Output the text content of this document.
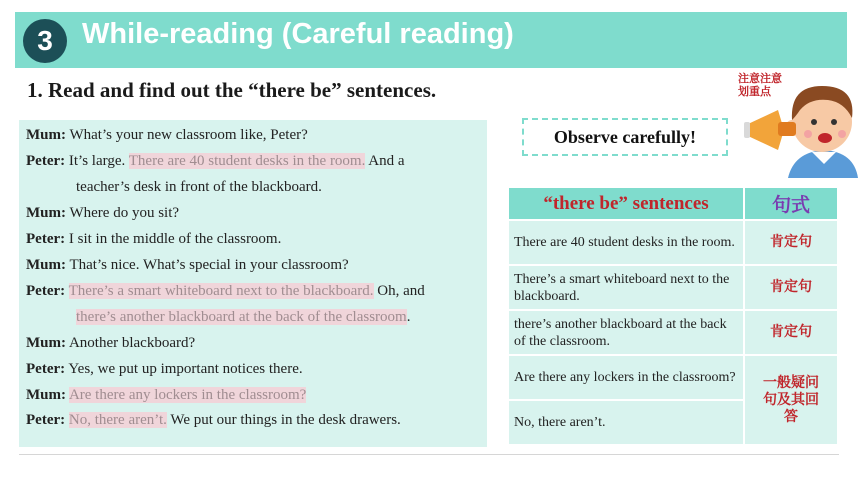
3	While-reading (Careful reading)
1. Read and find out the “there be” sentences.
Mum: What’s your new classroom like, Peter?
Peter: It’s large. There are 40 student desks in the room. And a
teacher’s desk in front of the blackboard.
Mum: Where do you sit?
Peter: I sit in the middle of the classroom.
Mum: That’s nice. What’s special in your classroom?
Peter: There’s a smart whiteboard next to the blackboard. Oh, and
there’s another blackboard at the back of the classroom.
Mum: Another blackboard?
Peter: Yes, we put up important notices there.
Mum: Are there any lockers in the classroom?
Peter: No, there aren’t. We put our things in the desk drawers.
Observe carefully!
注意注意
划重点
“there be” sentences	句式
There are 40 student desks in the room.	肯定句
There’s a smart whiteboard next to the blackboard.	肯定句
there’s another blackboard at the back of the classroom.	肯定句
Are there any lockers in the classroom?	一般疑问句及其回答
No, there aren’t.	
